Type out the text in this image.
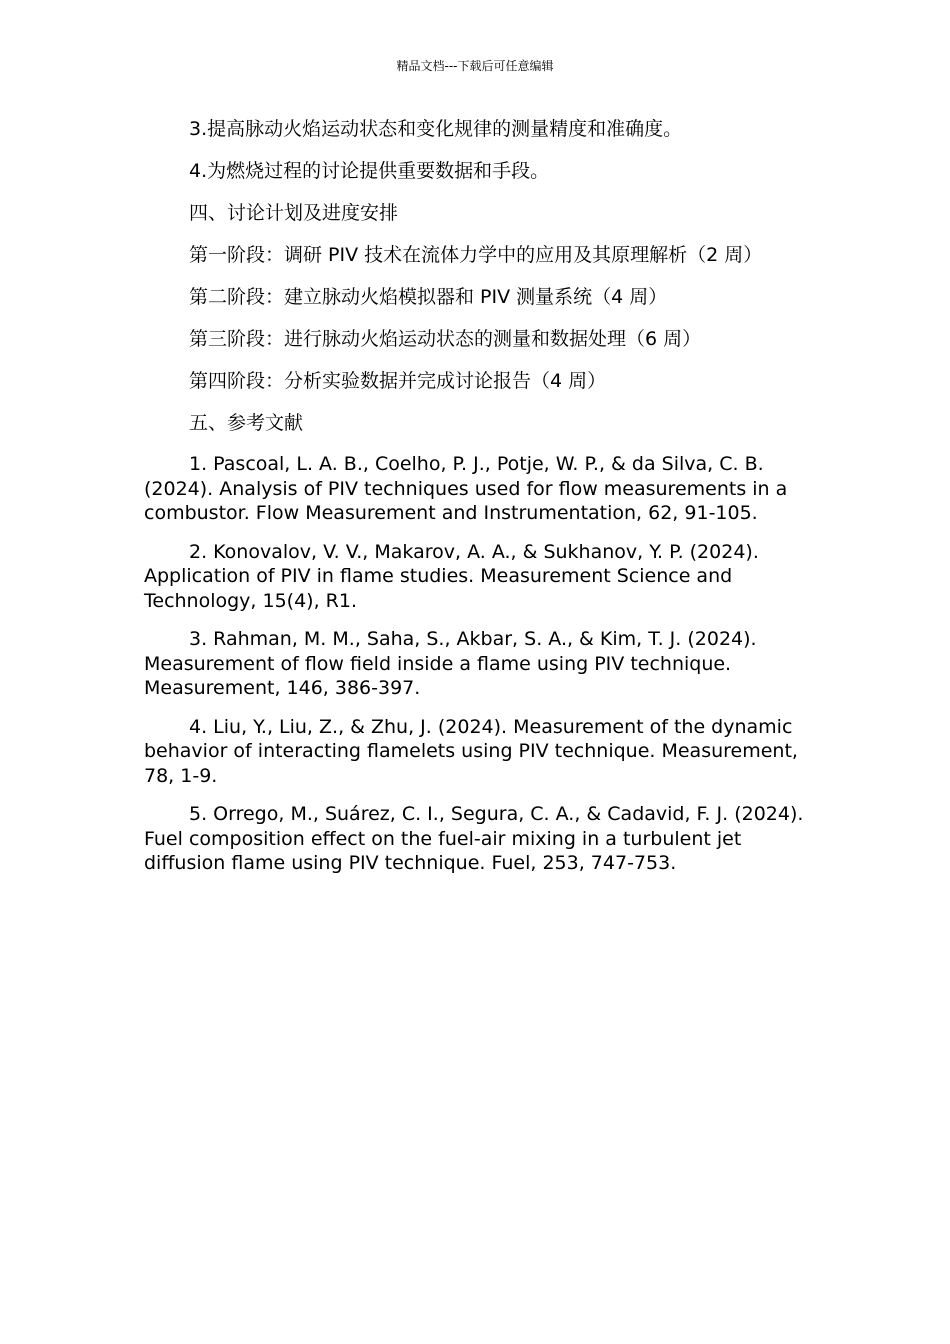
精品文档---下载后可任意编辑

3.提高脉动火焰运动状态和变化规律的测量精度和准确度。

4.为燃烧过程的讨论提供重要数据和手段。

四、讨论计划及进度安排

第一阶段：调研 PIV 技术在流体力学中的应用及其原理解析（2 周）

第二阶段：建立脉动火焰模拟器和 PIV 测量系统（4 周）

第三阶段：进行脉动火焰运动状态的测量和数据处理（6 周）

第四阶段：分析实验数据并完成讨论报告（4 周）

五、参考文献

1. Pascoal, L. A. B., Coelho, P. J., Potje, W. P., & da Silva, C. B. (2024). Analysis of PIV techniques used for flow measurements in a combustor. Flow Measurement and Instrumentation, 62, 91-105.

2. Konovalov, V. V., Makarov, A. A., & Sukhanov, Y. P. (2024). Application of PIV in flame studies. Measurement Science and Technology, 15(4), R1.

3. Rahman, M. M., Saha, S., Akbar, S. A., & Kim, T. J. (2024). Measurement of flow field inside a flame using PIV technique. Measurement, 146, 386-397.

4. Liu, Y., Liu, Z., & Zhu, J. (2024). Measurement of the dynamic behavior of interacting flamelets using PIV technique. Measurement, 78, 1-9.

5. Orrego, M., Suárez, C. I., Segura, C. A., & Cadavid, F. J. (2024). Fuel composition effect on the fuel-air mixing in a turbulent jet diffusion flame using PIV technique. Fuel, 253, 747-753.
